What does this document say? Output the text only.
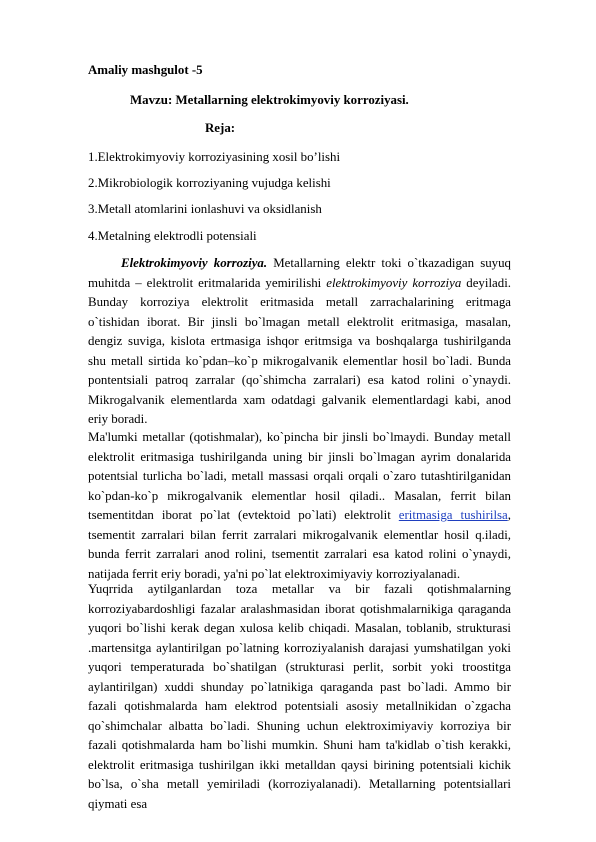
Amaliy mashgulot -5
Mavzu: Metallarning elektrokimyoviy korroziyasi.
Reja:
1.Elektrokimyoviy korroziyasining xosil bo’lishi
2.Mikrobiologik korroziyaning vujudga kelishi
3.Metall atomlarini ionlashuvi va oksidlanish
4.Metalning elektrodli potensiali

Elektrokimyoviy korroziya. Metallarning elektr toki o`tkazadigan suyuq muhitda – elektrolit eritmalarida yemirilishi elektrokimyoviy korroziya deyiladi. Bunday korroziya elektrolit eritmasida metall zarrachalarining eritmaga o`tishidan iborat. Bir jinsli bo`lmagan metall elektrolit eritmasiga, masalan, dengiz suviga, kislota ertmasiga ishqor eritmsiga va boshqalarga tushirilganda shu metall sirtida ko`pdan–ko`p mikrogalvanik elementlar hosil bo`ladi. Bunda pontentsiali patroq zarralar (qo`shimcha zarralari) esa katod rolini o`ynaydi. Mikrogalvanik elementlarda xam odatdagi galvanik elementlardagi kabi, anod eriy boradi.

Ma'lumki metallar (qotishmalar), ko`pincha bir jinsli bo`lmaydi. Bunday metall elektrolit eritmasiga tushirilganda uning bir jinsli bo`lmagan ayrim donalarida potentsial turlicha bo`ladi, metall massasi orqali orqali o`zaro tutashtirilganidan ko`pdan-ko`p mikrogalvanik elementlar hosil qiladi.. Masalan, ferrit bilan tsementitdan iborat po`lat (evtektoid po`lati) elektrolit eritmasiga tushirilsa, tsementit zarralari bilan ferrit zarralari mikrogalvanik elementlar hosil q.iladi, bunda ferrit zarralari anod rolini, tsementit zarralari esa katod rolini o`ynaydi, natijada ferrit eriy boradi, ya'ni po`lat elektroximiyaviy korroziyalanadi.

Yuqrrida aytilganlardan toza metallar va bir fazali qotishmalarning korroziyabardoshligi fazalar aralashmasidan iborat qotishmalarnikiga qaraganda yuqori bo`lishi kerak degan xulosa kelib chiqadi. Masalan, toblanib, strukturasi .martensitga aylantirilgan po`latning korroziyalanish darajasi yumshatilgan yoki yuqori temperaturada bo`shatilgan (strukturasi perlit, sorbit yoki troostitga aylantirilgan) xuddi shunday po`latnikiga qaraganda past bo`ladi. Ammo bir fazali qotishmalarda ham elektrod potentsiali asosiy metallnikidan o`zgacha qo`shimchalar albatta bo`ladi. Shuning uchun elektroximiyaviy korroziya bir fazali qotishmalarda ham bo`lishi mumkin. Shuni ham ta'kidlab o`tish kerakki, elektrolit eritmasiga tushirilgan ikki metalldan qaysi birining potentsiali kichik bo`lsa, o`sha metall yemiriladi (korroziyalanadi). Metallarning potentsiallari qiymati esa
